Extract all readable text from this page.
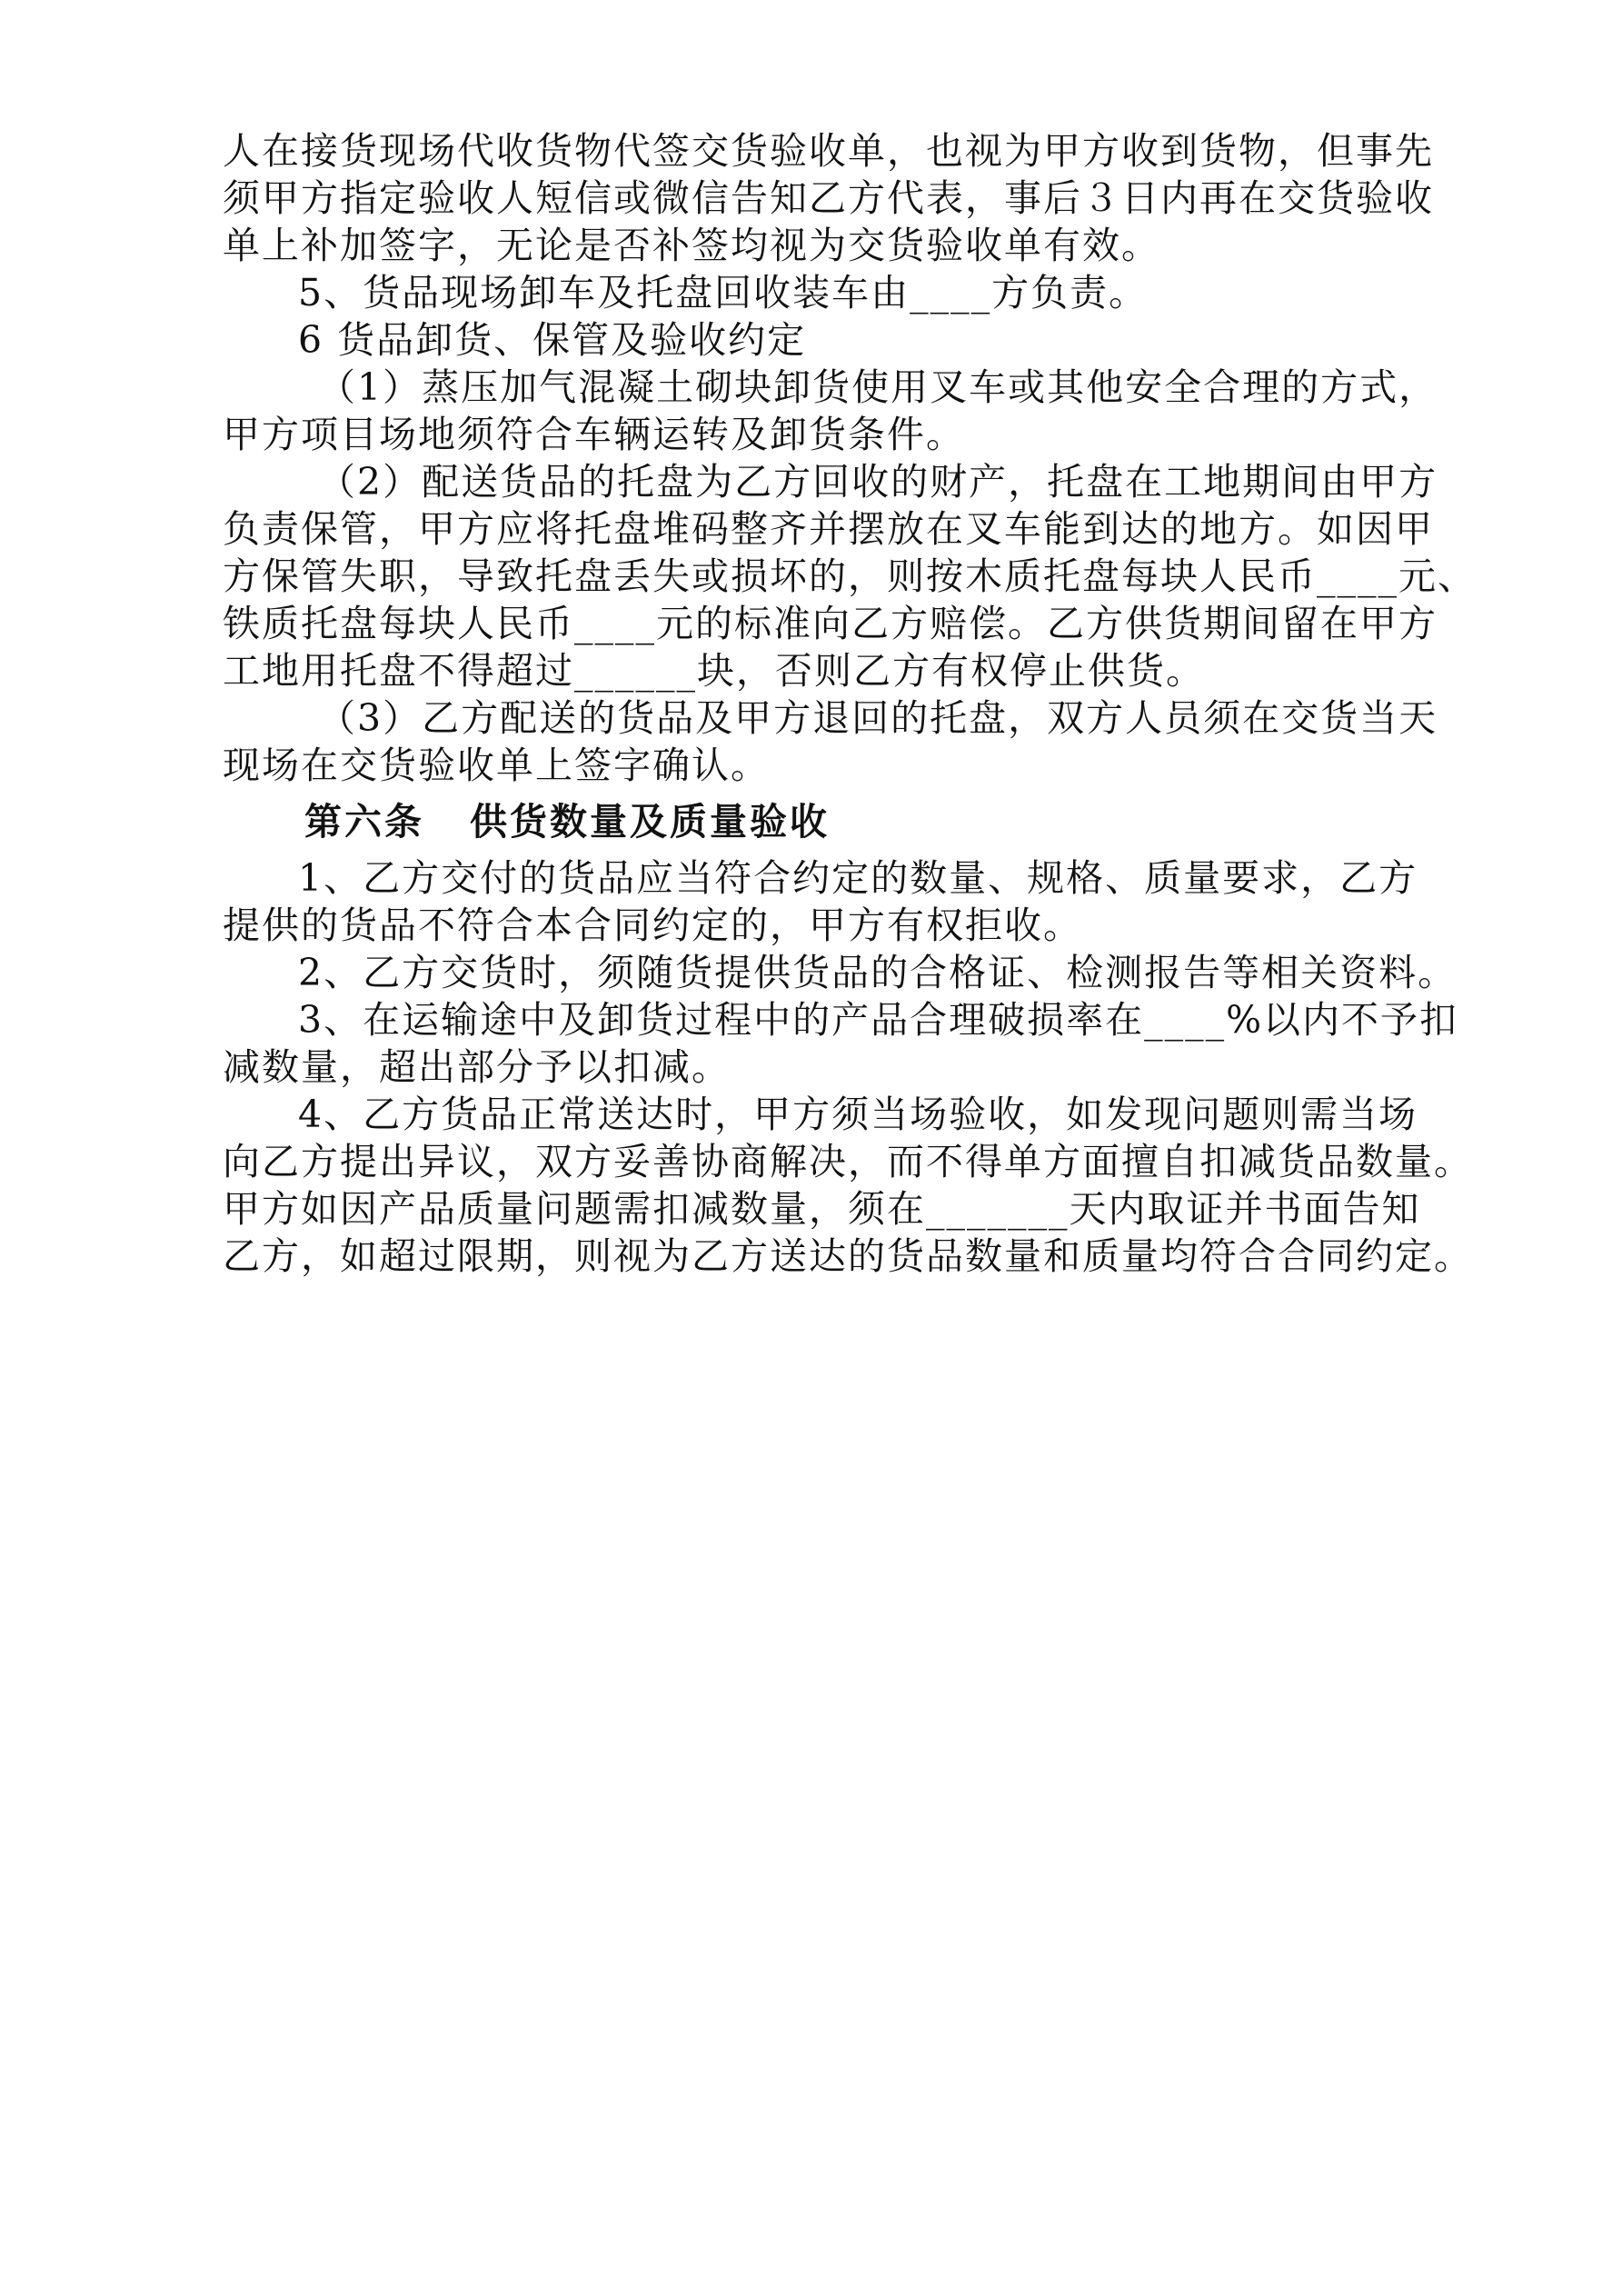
人在接货现场代收货物代签交货验收单，也视为甲方收到货物，但事先
须甲方指定验收人短信或微信告知乙方代表，事后３日内再在交货验收
单上补加签字，无论是否补签均视为交货验收单有效。
5、货品现场卸车及托盘回收装车由____方负责。
6 货品卸货、保管及验收约定
（1）蒸压加气混凝土砌块卸货使用叉车或其他安全合理的方式，
甲方项目场地须符合车辆运转及卸货条件。
（2）配送货品的托盘为乙方回收的财产，托盘在工地期间由甲方
负责保管，甲方应将托盘堆码整齐并摆放在叉车能到达的地方。如因甲
方保管失职，导致托盘丢失或损坏的，则按木质托盘每块人民币____元、
铁质托盘每块人民币____元的标准向乙方赔偿。乙方供货期间留在甲方
工地用托盘不得超过______块，否则乙方有权停止供货。
（3）乙方配送的货品及甲方退回的托盘，双方人员须在交货当天
现场在交货验收单上签字确认。
第六条 供货数量及质量验收
1、乙方交付的货品应当符合约定的数量、规格、质量要求，乙方
提供的货品不符合本合同约定的，甲方有权拒收。
2、乙方交货时，须随货提供货品的合格证、检测报告等相关资料。
3、在运输途中及卸货过程中的产品合理破损率在____%以内不予扣
减数量，超出部分予以扣减。
4、乙方货品正常送达时，甲方须当场验收，如发现问题则需当场
向乙方提出异议，双方妥善协商解决，而不得单方面擅自扣减货品数量。
甲方如因产品质量问题需扣减数量，须在_______天内取证并书面告知
乙方，如超过限期，则视为乙方送达的货品数量和质量均符合合同约定。
